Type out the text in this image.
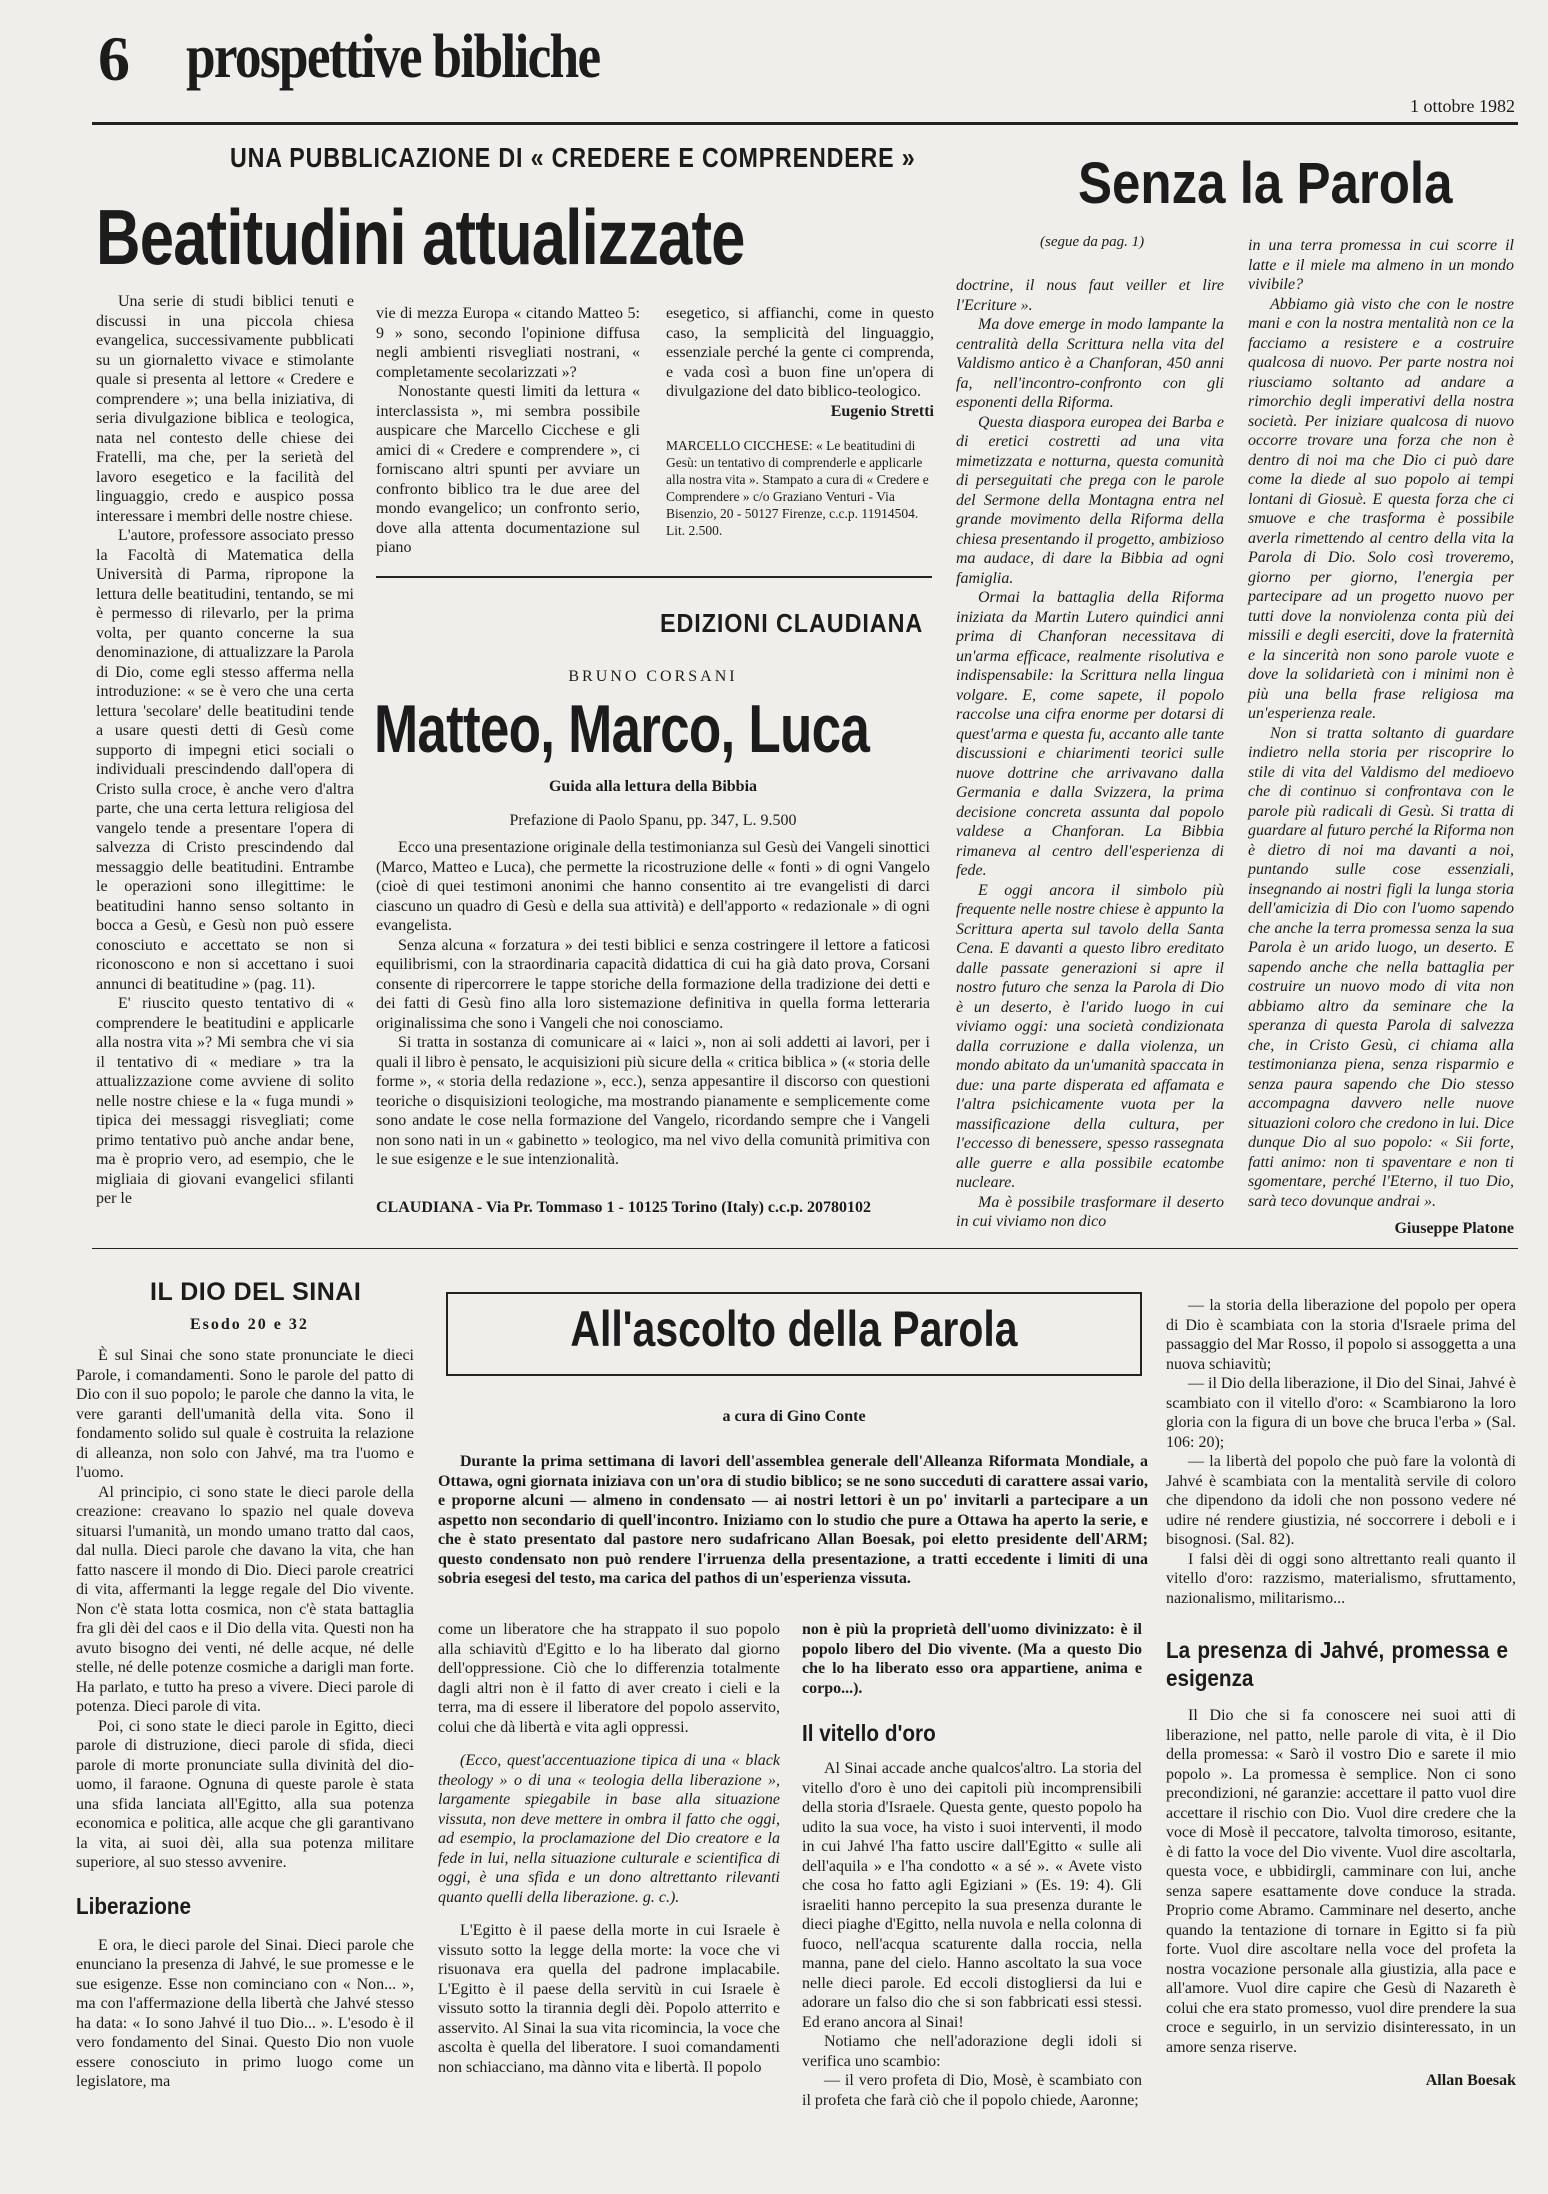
6 prospettive bibliche
1 ottobre 1982
UNA PUBBLICAZIONE DI « CREDERE E COMPRENDERE »
Beatitudini attualizzate

Una serie di studi biblici tenuti e discussi in una piccola chiesa evangelica, successivamente pubblicati su un giornaletto vivace e stimolante quale si presenta al lettore « Credere e comprendere »; una bella iniziativa, di seria divulgazione biblica e teologica, nata nel contesto delle chiese dei Fratelli, ma che, per la serietà del lavoro esegetico e la facilità del linguaggio, credo e auspico possa interessare i membri delle nostre chiese.

L'autore, professore associato presso la Facoltà di Matematica della Università di Parma, ripropone la lettura delle beatitudini, tentando, se mi è permesso di rilevarlo, per la prima volta, per quanto concerne la sua denominazione, di attualizzare la Parola di Dio, come egli stesso afferma nella introduzione: « se è vero che una certa lettura 'secolare' delle beatitudini tende a usare questi detti di Gesù come supporto di impegni etici sociali o individuali prescindendo dall'opera di Cristo sulla croce, è anche vero d'altra parte, che una certa lettura religiosa del vangelo tende a presentare l'opera di salvezza di Cristo prescindendo dal messaggio delle beatitudini. Entrambe le operazioni sono illegittime: le beatitudini hanno senso soltanto in bocca a Gesù, e Gesù non può essere conosciuto e accettato se non si riconoscono e non si accettano i suoi annunci di beatitudine » (pag. 11).

E' riuscito questo tentativo di « comprendere le beatitudini e applicarle alla nostra vita »? Mi sembra che vi sia il tentativo di « mediare » tra la attualizzazione come avviene di solito nelle nostre chiese e la « fuga mundi » tipica dei messaggi risvegliati; come primo tentativo può anche andar bene, ma è proprio vero, ad esempio, che le migliaia di giovani evangelici sfilanti per le

vie di mezza Europa « citando Matteo 5: 9 » sono, secondo l'opinione diffusa negli ambienti risvegliati nostrani, « completamente secolarizzati »?

Nonostante questi limiti da lettura « interclassista », mi sembra possibile auspicare che Marcello Cicchese e gli amici di « Credere e comprendere », ci forniscano altri spunti per avviare un confronto biblico tra le due aree del mondo evangelico; un confronto serio, dove alla attenta documentazione sul piano

esegetico, si affianchi, come in questo caso, la semplicità del linguaggio, essenziale perché la gente ci comprenda, e vada così a buon fine un'opera di divulgazione del dato biblico-teologico.

Eugenio Stretti
MARCELLO CICCHESE: « Le beatitudini di Gesù: un tentativo di comprenderle e applicarle alla nostra vita ». Stampato a cura di « Credere e Comprendere » c/o Graziano Venturi - Via Bisenzio, 20 - 50127 Firenze, c.c.p. 11914504. Lit. 2.500.
EDIZIONI CLAUDIANA
BRUNO CORSANI
Matteo, Marco, Luca
Guida alla lettura della Bibbia
Prefazione di Paolo Spanu, pp. 347, L. 9.500

Ecco una presentazione originale della testimonianza sul Gesù dei Vangeli sinottici (Marco, Matteo e Luca), che permette la ricostruzione delle « fonti » di ogni Vangelo (cioè di quei testimoni anonimi che hanno consentito ai tre evangelisti di darci ciascuno un quadro di Gesù e della sua attività) e dell'apporto « redazionale » di ogni evangelista.

Senza alcuna « forzatura » dei testi biblici e senza costringere il lettore a faticosi equilibrismi, con la straordinaria capacità didattica di cui ha già dato prova, Corsani consente di ripercorrere le tappe storiche della formazione della tradizione dei detti e dei fatti di Gesù fino alla loro sistemazione definitiva in quella forma letteraria originalissima che sono i Vangeli che noi conosciamo.

Si tratta in sostanza di comunicare ai « laici », non ai soli addetti ai lavori, per i quali il libro è pensato, le acquisizioni più sicure della « critica biblica » (« storia delle forme », « storia della redazione », ecc.), senza appesantire il discorso con questioni teoriche o disquisizioni teologiche, ma mostrando pianamente e semplicemente come sono andate le cose nella formazione del Vangelo, ricordando sempre che i Vangeli non sono nati in un « gabinetto » teologico, ma nel vivo della comunità primitiva con le sue esigenze e le sue intenzionalità.

CLAUDIANA - Via Pr. Tommaso 1 - 10125 Torino (Italy) c.c.p. 20780102
Senza la Parola
(segue da pag. 1)

doctrine, il nous faut veiller et lire l'Ecriture ».

Ma dove emerge in modo lampante la centralità della Scrittura nella vita del Valdismo antico è a Chanforan, 450 anni fa, nell'incontro-confronto con gli esponenti della Riforma.

Questa diaspora europea dei Barba e di eretici costretti ad una vita mimetizzata e notturna, questa comunità di perseguitati che prega con le parole del Sermone della Montagna entra nel grande movimento della Riforma della chiesa presentando il progetto, ambizioso ma audace, di dare la Bibbia ad ogni famiglia.

Ormai la battaglia della Riforma iniziata da Martin Lutero quindici anni prima di Chanforan necessitava di un'arma efficace, realmente risolutiva e indispensabile: la Scrittura nella lingua volgare. E, come sapete, il popolo raccolse una cifra enorme per dotarsi di quest'arma e questa fu, accanto alle tante discussioni e chiarimenti teorici sulle nuove dottrine che arrivavano dalla Germania e dalla Svizzera, la prima decisione concreta assunta dal popolo valdese a Chanforan. La Bibbia rimaneva al centro dell'esperienza di fede.

E oggi ancora il simbolo più frequente nelle nostre chiese è appunto la Scrittura aperta sul tavolo della Santa Cena. E davanti a questo libro ereditato dalle passate generazioni si apre il nostro futuro che senza la Parola di Dio è un deserto, è l'arido luogo in cui viviamo oggi: una società condizionata dalla corruzione e dalla violenza, un mondo abitato da un'umanità spaccata in due: una parte disperata ed affamata e l'altra psichicamente vuota per la massificazione della cultura, per l'eccesso di benessere, spesso rassegnata alle guerre e alla possibile ecatombe nucleare.

Ma è possibile trasformare il deserto in cui viviamo non dico

in una terra promessa in cui scorre il latte e il miele ma almeno in un mondo vivibile?

Abbiamo già visto che con le nostre mani e con la nostra mentalità non ce la facciamo a resistere e a costruire qualcosa di nuovo. Per parte nostra noi riusciamo soltanto ad andare a rimorchio degli imperativi della nostra società. Per iniziare qualcosa di nuovo occorre trovare una forza che non è dentro di noi ma che Dio ci può dare come la diede al suo popolo ai tempi lontani di Giosuè. E questa forza che ci smuove e che trasforma è possibile averla rimettendo al centro della vita la Parola di Dio. Solo così troveremo, giorno per giorno, l'energia per partecipare ad un progetto nuovo per tutti dove la nonviolenza conta più dei missili e degli eserciti, dove la fraternità e la sincerità non sono parole vuote e dove la solidarietà con i minimi non è più una bella frase religiosa ma un'esperienza reale.

Non si tratta soltanto di guardare indietro nella storia per riscoprire lo stile di vita del Valdismo del medioevo che di continuo si confrontava con le parole più radicali di Gesù. Si tratta di guardare al futuro perché la Riforma non è dietro di noi ma davanti a noi, puntando sulle cose essenziali, insegnando ai nostri figli la lunga storia dell'amicizia di Dio con l'uomo sapendo che anche la terra promessa senza la sua Parola è un arido luogo, un deserto. E sapendo anche che nella battaglia per costruire un nuovo modo di vita non abbiamo altro da seminare che la speranza di questa Parola di salvezza che, in Cristo Gesù, ci chiama alla testimonianza piena, senza risparmio e senza paura sapendo che Dio stesso accompagna davvero nelle nuove situazioni coloro che credono in lui. Dice dunque Dio al suo popolo: « Sii forte, fatti animo: non ti spaventare e non ti sgomentare, perché l'Eterno, il tuo Dio, sarà teco dovunque andrai ».

Giuseppe Platone
IL DIO DEL SINAI
Esodo 20 e 32

È sul Sinai che sono state pronunciate le dieci Parole, i comandamenti. Sono le parole del patto di Dio con il suo popolo; le parole che danno la vita, le vere garanti dell'umanità della vita. Sono il fondamento solido sul quale è costruita la relazione di alleanza, non solo con Jahvé, ma tra l'uomo e l'uomo.

Al principio, ci sono state le dieci parole della creazione: creavano lo spazio nel quale doveva situarsi l'umanità, un mondo umano tratto dal caos, dal nulla. Dieci parole che davano la vita, che han fatto nascere il mondo di Dio. Dieci parole creatrici di vita, affermanti la legge regale del Dio vivente. Non c'è stata lotta cosmica, non c'è stata battaglia fra gli dèi del caos e il Dio della vita. Questi non ha avuto bisogno dei venti, né delle acque, né delle stelle, né delle potenze cosmiche a darigli man forte. Ha parlato, e tutto ha preso a vivere. Dieci parole di potenza. Dieci parole di vita.

Poi, ci sono state le dieci parole in Egitto, dieci parole di distruzione, dieci parole di sfida, dieci parole di morte pronunciate sulla divinità del dio-uomo, il faraone. Ognuna di queste parole è stata una sfida lanciata all'Egitto, alla sua potenza economica e politica, alle acque che gli garantivano la vita, ai suoi dèi, alla sua potenza militare superiore, al suo stesso avvenire.

Liberazione

E ora, le dieci parole del Sinai. Dieci parole che enunciano la presenza di Jahvé, le sue promesse e le sue esigenze. Esse non cominciano con « Non... », ma con l'affermazione della libertà che Jahvé stesso ha data: « Io sono Jahvé il tuo Dio... ». L'esodo è il vero fondamento del Sinai. Questo Dio non vuole essere conosciuto in primo luogo come un legislatore, ma

All'ascolto della Parola
a cura di Gino Conte
Durante la prima settimana di lavori dell'assemblea generale dell'Alleanza Riformata Mondiale, a Ottawa, ogni giornata iniziava con un'ora di studio biblico; se ne sono succeduti di carattere assai vario, e proporne alcuni — almeno in condensato — ai nostri lettori è un po' invitarli a partecipare a un aspetto non secondario di quell'incontro. Iniziamo con lo studio che pure a Ottawa ha aperto la serie, e che è stato presentato dal pastore nero sudafricano Allan Boesak, poi eletto presidente dell'ARM; questo condensato non può rendere l'irruenza della presentazione, a tratti eccedente i limiti di una sobria esegesi del testo, ma carica del pathos di un'esperienza vissuta.

come un liberatore che ha strappato il suo popolo alla schiavitù d'Egitto e lo ha liberato dal giorno dell'oppressione. Ciò che lo differenzia totalmente dagli altri non è il fatto di aver creato i cieli e la terra, ma di essere il liberatore del popolo asservito, colui che dà libertà e vita agli oppressi.

(Ecco, quest'accentuazione tipica di una « black theology » o di una « teologia della liberazione », largamente spiegabile in base alla situazione vissuta, non deve mettere in ombra il fatto che oggi, ad esempio, la proclamazione del Dio creatore e la fede in lui, nella situazione culturale e scientifica di oggi, è una sfida e un dono altrettanto rilevanti quanto quelli della liberazione. g. c.).

L'Egitto è il paese della morte in cui Israele è vissuto sotto la legge della morte: la voce che vi risuonava era quella del padrone implacabile. L'Egitto è il paese della servitù in cui Israele è vissuto sotto la tirannia degli dèi. Popolo atterrito e asservito. Al Sinai la sua vita ricomincia, la voce che ascolta è quella del liberatore. I suoi comandamenti non schiacciano, ma dànno vita e libertà. Il popolo

non è più la proprietà dell'uomo divinizzato: è il popolo libero del Dio vivente. (Ma a questo Dio che lo ha liberato esso ora appartiene, anima e corpo...).

Il vitello d'oro

Al Sinai accade anche qualcos'altro. La storia del vitello d'oro è uno dei capitoli più incomprensibili della storia d'Israele. Questa gente, questo popolo ha udito la sua voce, ha visto i suoi interventi, il modo in cui Jahvé l'ha fatto uscire dall'Egitto « sulle ali dell'aquila » e l'ha condotto « a sé ». « Avete visto che cosa ho fatto agli Egiziani » (Es. 19: 4). Gli israeliti hanno percepito la sua presenza durante le dieci piaghe d'Egitto, nella nuvola e nella colonna di fuoco, nell'acqua scaturente dalla roccia, nella manna, pane del cielo. Hanno ascoltato la sua voce nelle dieci parole. Ed eccoli distogliersi da lui e adorare un falso dio che si son fabbricati essi stessi. Ed erano ancora al Sinai!

Notiamo che nell'adorazione degli idoli si verifica uno scambio:

— il vero profeta di Dio, Mosè, è scambiato con il profeta che farà ciò che il popolo chiede, Aaronne;

— la storia della liberazione del popolo per opera di Dio è scambiata con la storia d'Israele prima del passaggio del Mar Rosso, il popolo si assoggetta a una nuova schiavitù;

— il Dio della liberazione, il Dio del Sinai, Jahvé è scambiato con il vitello d'oro: « Scambiarono la loro gloria con la figura di un bove che bruca l'erba » (Sal. 106: 20);

— la libertà del popolo che può fare la volontà di Jahvé è scambiata con la mentalità servile di coloro che dipendono da idoli che non possono vedere né udire né rendere giustizia, né soccorrere i deboli e i bisognosi. (Sal. 82).

I falsi dèi di oggi sono altrettanto reali quanto il vitello d'oro: razzismo, materialismo, sfruttamento, nazionalismo, militarismo...

La presenza di Jahvé, promessa e esigenza

Il Dio che si fa conoscere nei suoi atti di liberazione, nel patto, nelle parole di vita, è il Dio della promessa: « Sarò il vostro Dio e sarete il mio popolo ». La promessa è semplice. Non ci sono precondizioni, né garanzie: accettare il patto vuol dire accettare il rischio con Dio. Vuol dire credere che la voce di Mosè il peccatore, talvolta timoroso, esitante, è di fatto la voce del Dio vivente. Vuol dire ascoltarla, questa voce, e ubbidirgli, camminare con lui, anche senza sapere esattamente dove conduce la strada. Proprio come Abramo. Camminare nel deserto, anche quando la tentazione di tornare in Egitto si fa più forte. Vuol dire ascoltare nella voce del profeta la nostra vocazione personale alla giustizia, alla pace e all'amore. Vuol dire capire che Gesù di Nazareth è colui che era stato promesso, vuol dire prendere la sua croce e seguirlo, in un servizio disinteressato, in un amore senza riserve.

Allan Boesak
